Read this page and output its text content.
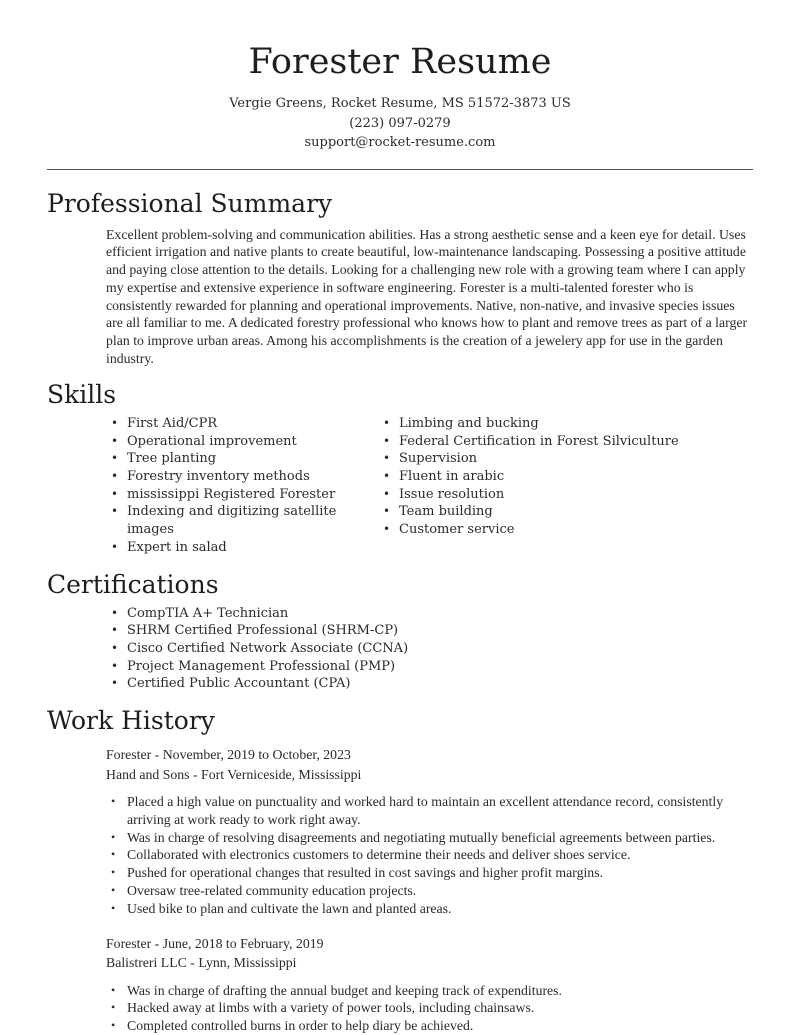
Forester Resume
Vergie Greens, Rocket Resume, MS 51572-3873 US
(223) 097-0279
support@rocket-resume.com
Professional Summary

Excellent problem-solving and communication abilities. Has a strong aesthetic sense and a keen eye for detail. Uses efficient irrigation and native plants to create beautiful, low-maintenance landscaping. Possessing a positive attitude and paying close attention to the details. Looking for a challenging new role with a growing team where I can apply my expertise and extensive experience in software engineering. Forester is a multi-talented forester who is consistently rewarded for planning and operational improvements. Native, non-native, and invasive species issues are all familiar to me. A dedicated forestry professional who knows how to plant and remove trees as part of a larger plan to improve urban areas. Among his accomplishments is the creation of a jewelery app for use in the garden industry.

Skills
• First Aid/CPR
• Operational improvement
• Tree planting
• Forestry inventory methods
• mississippi Registered Forester
• Indexing and digitizing satellite images
• Expert in salad
• Limbing and bucking
• Federal Certification in Forest Silviculture
• Supervision
• Fluent in arabic
• Issue resolution
• Team building
• Customer service
Certifications
• CompTIA A+ Technician
• SHRM Certified Professional (SHRM-CP)
• Cisco Certified Network Associate (CCNA)
• Project Management Professional (PMP)
• Certified Public Accountant (CPA)
Work History
Forester - November, 2019 to October, 2023
Hand and Sons - Fort Verniceside, Mississippi
• Placed a high value on punctuality and worked hard to maintain an excellent attendance record, consistently arriving at work ready to work right away.
• Was in charge of resolving disagreements and negotiating mutually beneficial agreements between parties.
• Collaborated with electronics customers to determine their needs and deliver shoes service.
• Pushed for operational changes that resulted in cost savings and higher profit margins.
• Oversaw tree-related community education projects.
• Used bike to plan and cultivate the lawn and planted areas.
Forester - June, 2018 to February, 2019
Balistreri LLC - Lynn, Mississippi
• Was in charge of drafting the annual budget and keeping track of expenditures.
• Hacked away at limbs with a variety of power tools, including chainsaws.
• Completed controlled burns in order to help diary be achieved.
